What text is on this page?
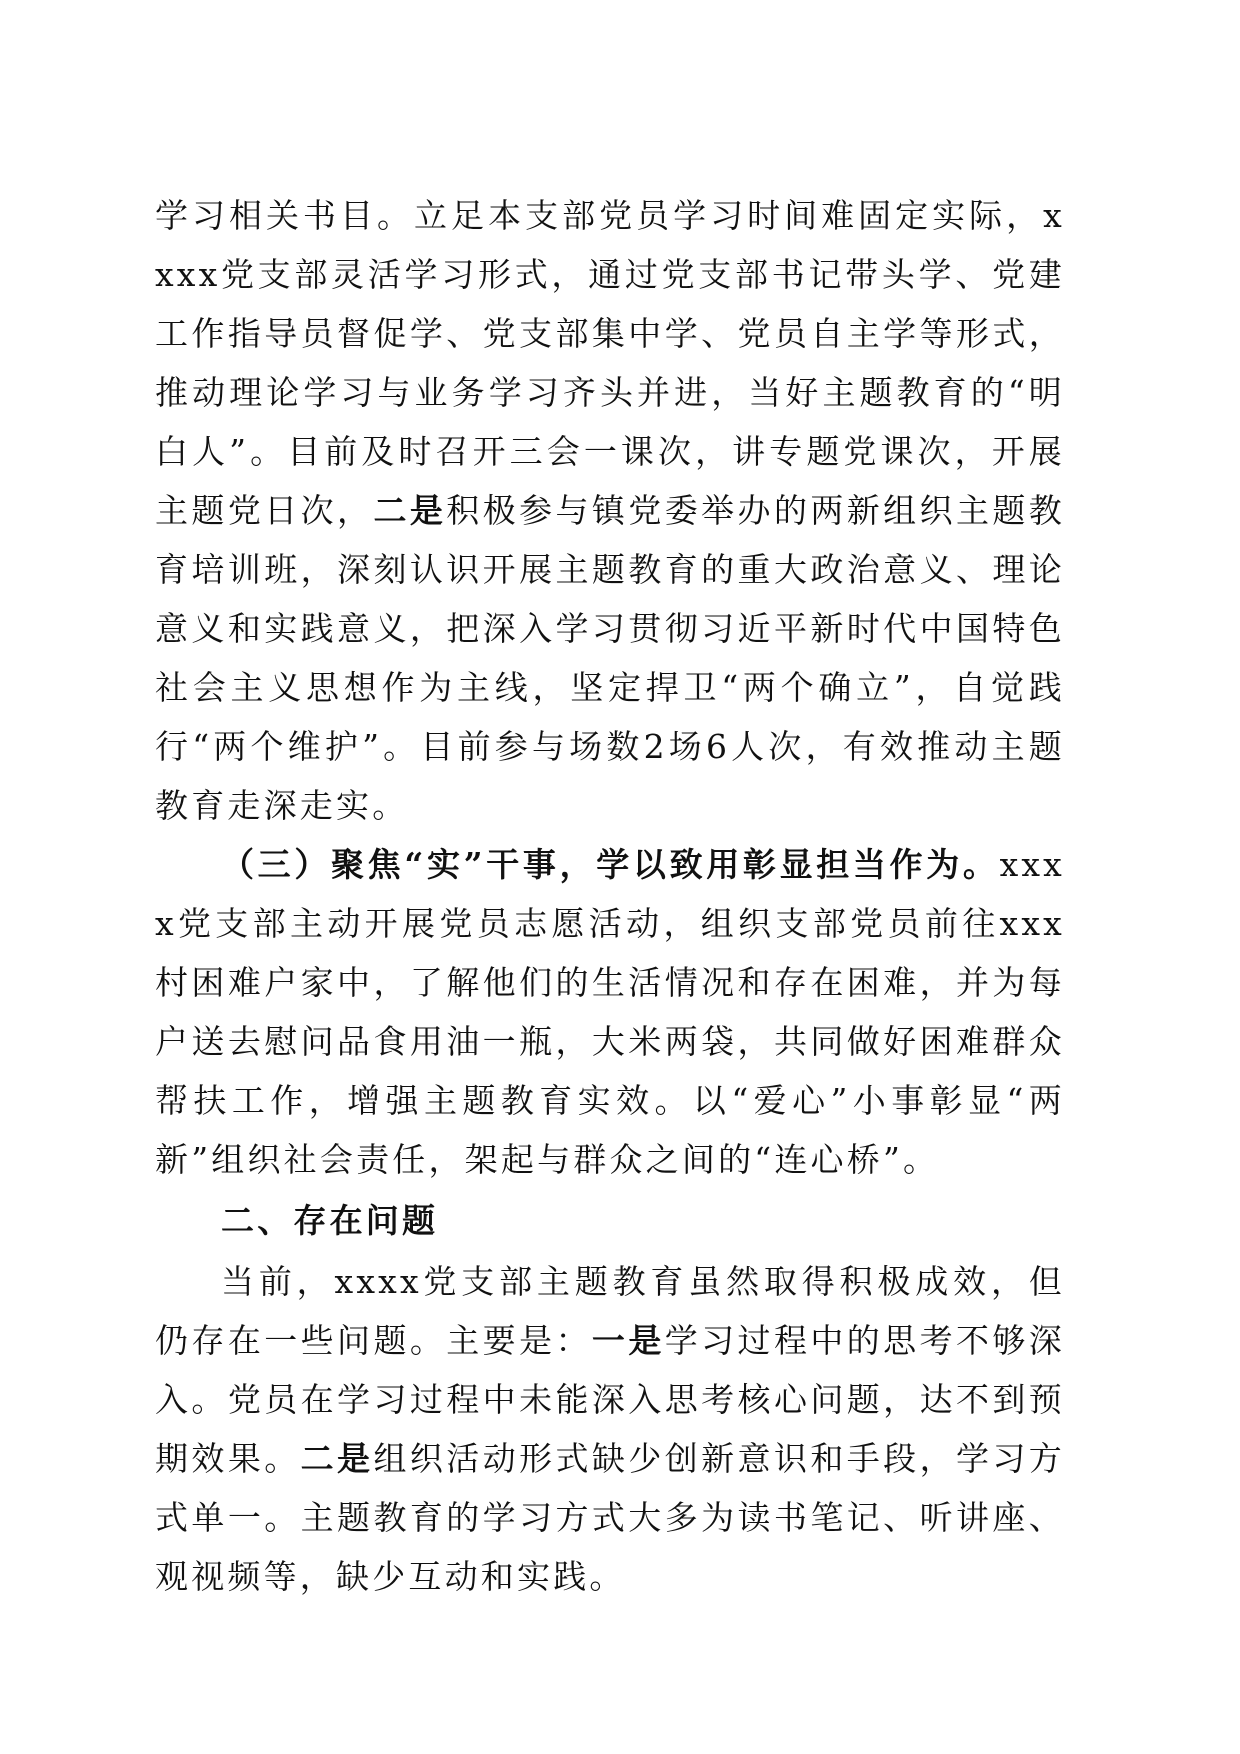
学习相关书目。立足本支部党员学习时间难固定实际，xxxx党支部灵活学习形式，通过党支部书记带头学、党建工作指导员督促学、党支部集中学、党员自主学等形式，推动理论学习与业务学习齐头并进，当好主题教育的“明白人”。目前及时召开三会一课次，讲专题党课次，开展主题党日次，二是积极参与镇党委举办的两新组织主题教育培训班，深刻认识开展主题教育的重大政治意义、理论意义和实践意义，把深入学习贯彻习近平新时代中国特色社会主义思想作为主线，坚定捍卫“两个确立”，自觉践行“两个维护”。目前参与场数2场6人次，有效推动主题教育走深走实。

（三）聚焦“实”干事，学以致用彰显担当作为。xxxx党支部主动开展党员志愿活动，组织支部党员前往xxx村困难户家中，了解他们的生活情况和存在困难，并为每户送去慰问品食用油一瓶，大米两袋，共同做好困难群众帮扶工作，增强主题教育实效。以“爱心”小事彰显“两新”组织社会责任，架起与群众之间的“连心桥”。

二、存在问题

当前，xxxx党支部主题教育虽然取得积极成效，但仍存在一些问题。主要是：一是学习过程中的思考不够深入。党员在学习过程中未能深入思考核心问题，达不到预期效果。二是组织活动形式缺少创新意识和手段，学习方式单一。主题教育的学习方式大多为读书笔记、听讲座、观视频等，缺少互动和实践。
